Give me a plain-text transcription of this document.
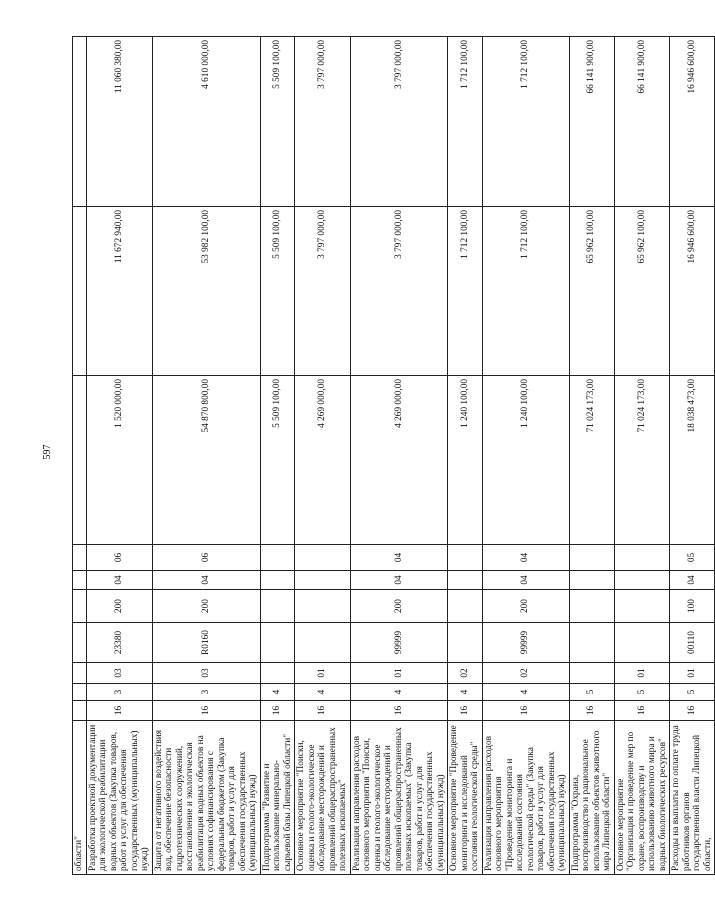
597
области"										
Разработка проектной документации для экологической реабилитации водных объектов (Закупка товаров, работ и услуг для обеспечения государственных (муниципальных) нужд)	16	3	03	23380	200	04	06	1 520 000,00	11 672 940,00	11 060 380,00
Защита от негативного воздействия вод, обеспечение безопасности гидротехнических сооружений, восстановление и экологическая реабилитация водных объектов на условиях софинансирования с федеральным бюджетом (Закупка товаров, работ и услуг для обеспечения государственных (муниципальных) нужд)	16	3	03	R0160	200	04	06	54 870 800,00	53 982 100,00	4 610 000,00
Подпрограмма "Развитие и использование минерально-сырьевой базы Липецкой области"	16	4						5 509 100,00	5 509 100,00	5 509 100,00
Основное мероприятие "Поиски, оценка и геолого-экологическое обследование месторождений и проявлений общераспространенных полезных ископаемых"	16	4	01					4 269 000,00	3 797 000,00	3 797 000,00
Реализация направления расходов основного мероприятия "Поиски, оценка и геолого-экологическое обследование месторождений и проявлений общераспространенных полезных ископаемых" (Закупка товаров, работ и услуг для обеспечения государственных (муниципальных) нужд)	16	4	01	99999	200	04	04	4 269 000,00	3 797 000,00	3 797 000,00
Основное мероприятие "Проведение мониторинга и исследований состояния геологической среды"	16	4	02					1 240 100,00	1 712 100,00	1 712 100,00
Реализация направления расходов основного мероприятия "Проведение мониторинга и исследований состояния геологической среды" (Закупка товаров, работ и услуг для обеспечения государственных (муниципальных) нужд)	16	4	02	99999	200	04	04	1 240 100,00	1 712 100,00	1 712 100,00
Подпрограмма "Охрана, воспроизводство и рациональное использование объектов животного мира Липецкой области"	16	5						71 024 173,00	65 962 100,00	66 141 900,00
Основное мероприятие "Организация и проведение мер по охране, воспроизводству и использованию животного мира и водных биологических ресурсов"	16	5	01					71 024 173,00	65 962 100,00	66 141 900,00
Расходы на выплаты по оплате труда работников органов государственной власти Липецкой области,	16	5	01	00110	100	04	05	18 038 473,00	16 946 600,00	16 946 600,00
